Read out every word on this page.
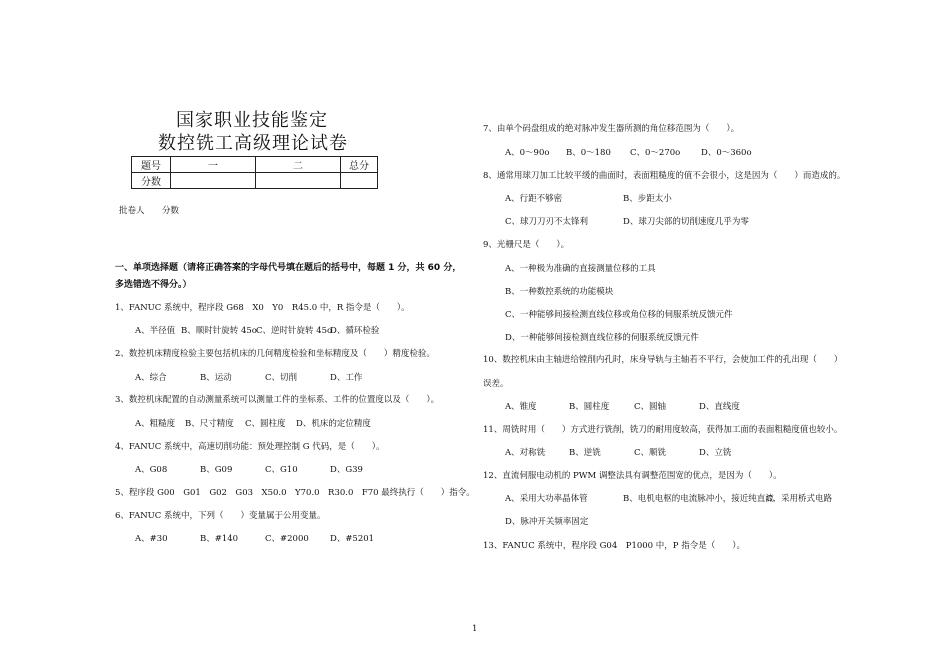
国家职业技能鉴定
数控铣工高级理论试卷
题号	一	二	总分
分数			
批卷人 分数
一、单项选择题（请将正确答案的字母代号填在题后的括号中，每题 1 分，共 60 分，
多选错选不得分。）
1、FANUC 系统中，程序段 G68　X0　Y0　R45.0 中，R 指令是（　　）。
A、半径值 B、顺时针旋转 45o C、逆时针旋转 45o
D、循环检验
2、数控机床精度检验主要包括机床的几何精度检验和坐标精度及（　　）精度检验。
A、综合	B、运动	C、切削	D、工作
3、数控机床配置的自动测量系统可以测量工件的坐标系、工件的位置度以及（　　）。
A、粗糙度 B、尺寸精度 C、圆柱度 D、机床的定位精度
4、FANUC 系统中，高速切削功能：预处理控制 G 代码，是（　　）。
A、G08	B、G09	C、G10	D、G39
5、程序段 G00　G01　G02　G03　X50.0　Y70.0　R30.0　F70 最终执行（　　）指令。
6、FANUC 系统中，下列（　　）变量属于公用变量。
A、#30	B、#140	C、#2000 D、#5201
7、由单个码盘组成的绝对脉冲发生器所测的角位移范围为（　　）。
A、0～90o B、0～180 C、0～270o D、0～360o
8、通常用球刀加工比较平缓的曲面时，表面粗糙度的值不会很小，这是因为（　　）而造成的。
A、行距不够密	B、步距太小
C、球刀刀刃不太锋利	D、球刀尖部的切削速度几乎为零
9、光栅尺是（　　）。
A、一种极为准确的直接测量位移的工具
B、一种数控系统的功能模块
C、一种能够间接检测直线位移或角位移的伺服系统反馈元件
D、一种能够间接检测直线位移的伺服系统反馈元件
10、数控机床由主轴进给镗削内孔时，床身导轨与主轴若不平行，会使加工件的孔出现（　　）
误差。
A、锥度	B、圆柱度	C、圆轴	D、直线度
11、周铣时用（　　）方式进行铣削，铣刀的耐用度较高，获得加工面的表面粗糙度值也较小。
A、对称铣	B、逆铣	C、顺铣	D、立铣
12、直流伺服电动机的 PWM 调整法具有调整范围宽的优点，是因为（　　）。
A、采用大功率晶体管	B、电机电枢的电流脉冲小，接近纯直流
C、采用桥式电路
D、脉冲开关频率固定
13、FANUC 系统中，程序段 G04　P1000 中，P 指令是（　　）。
1
